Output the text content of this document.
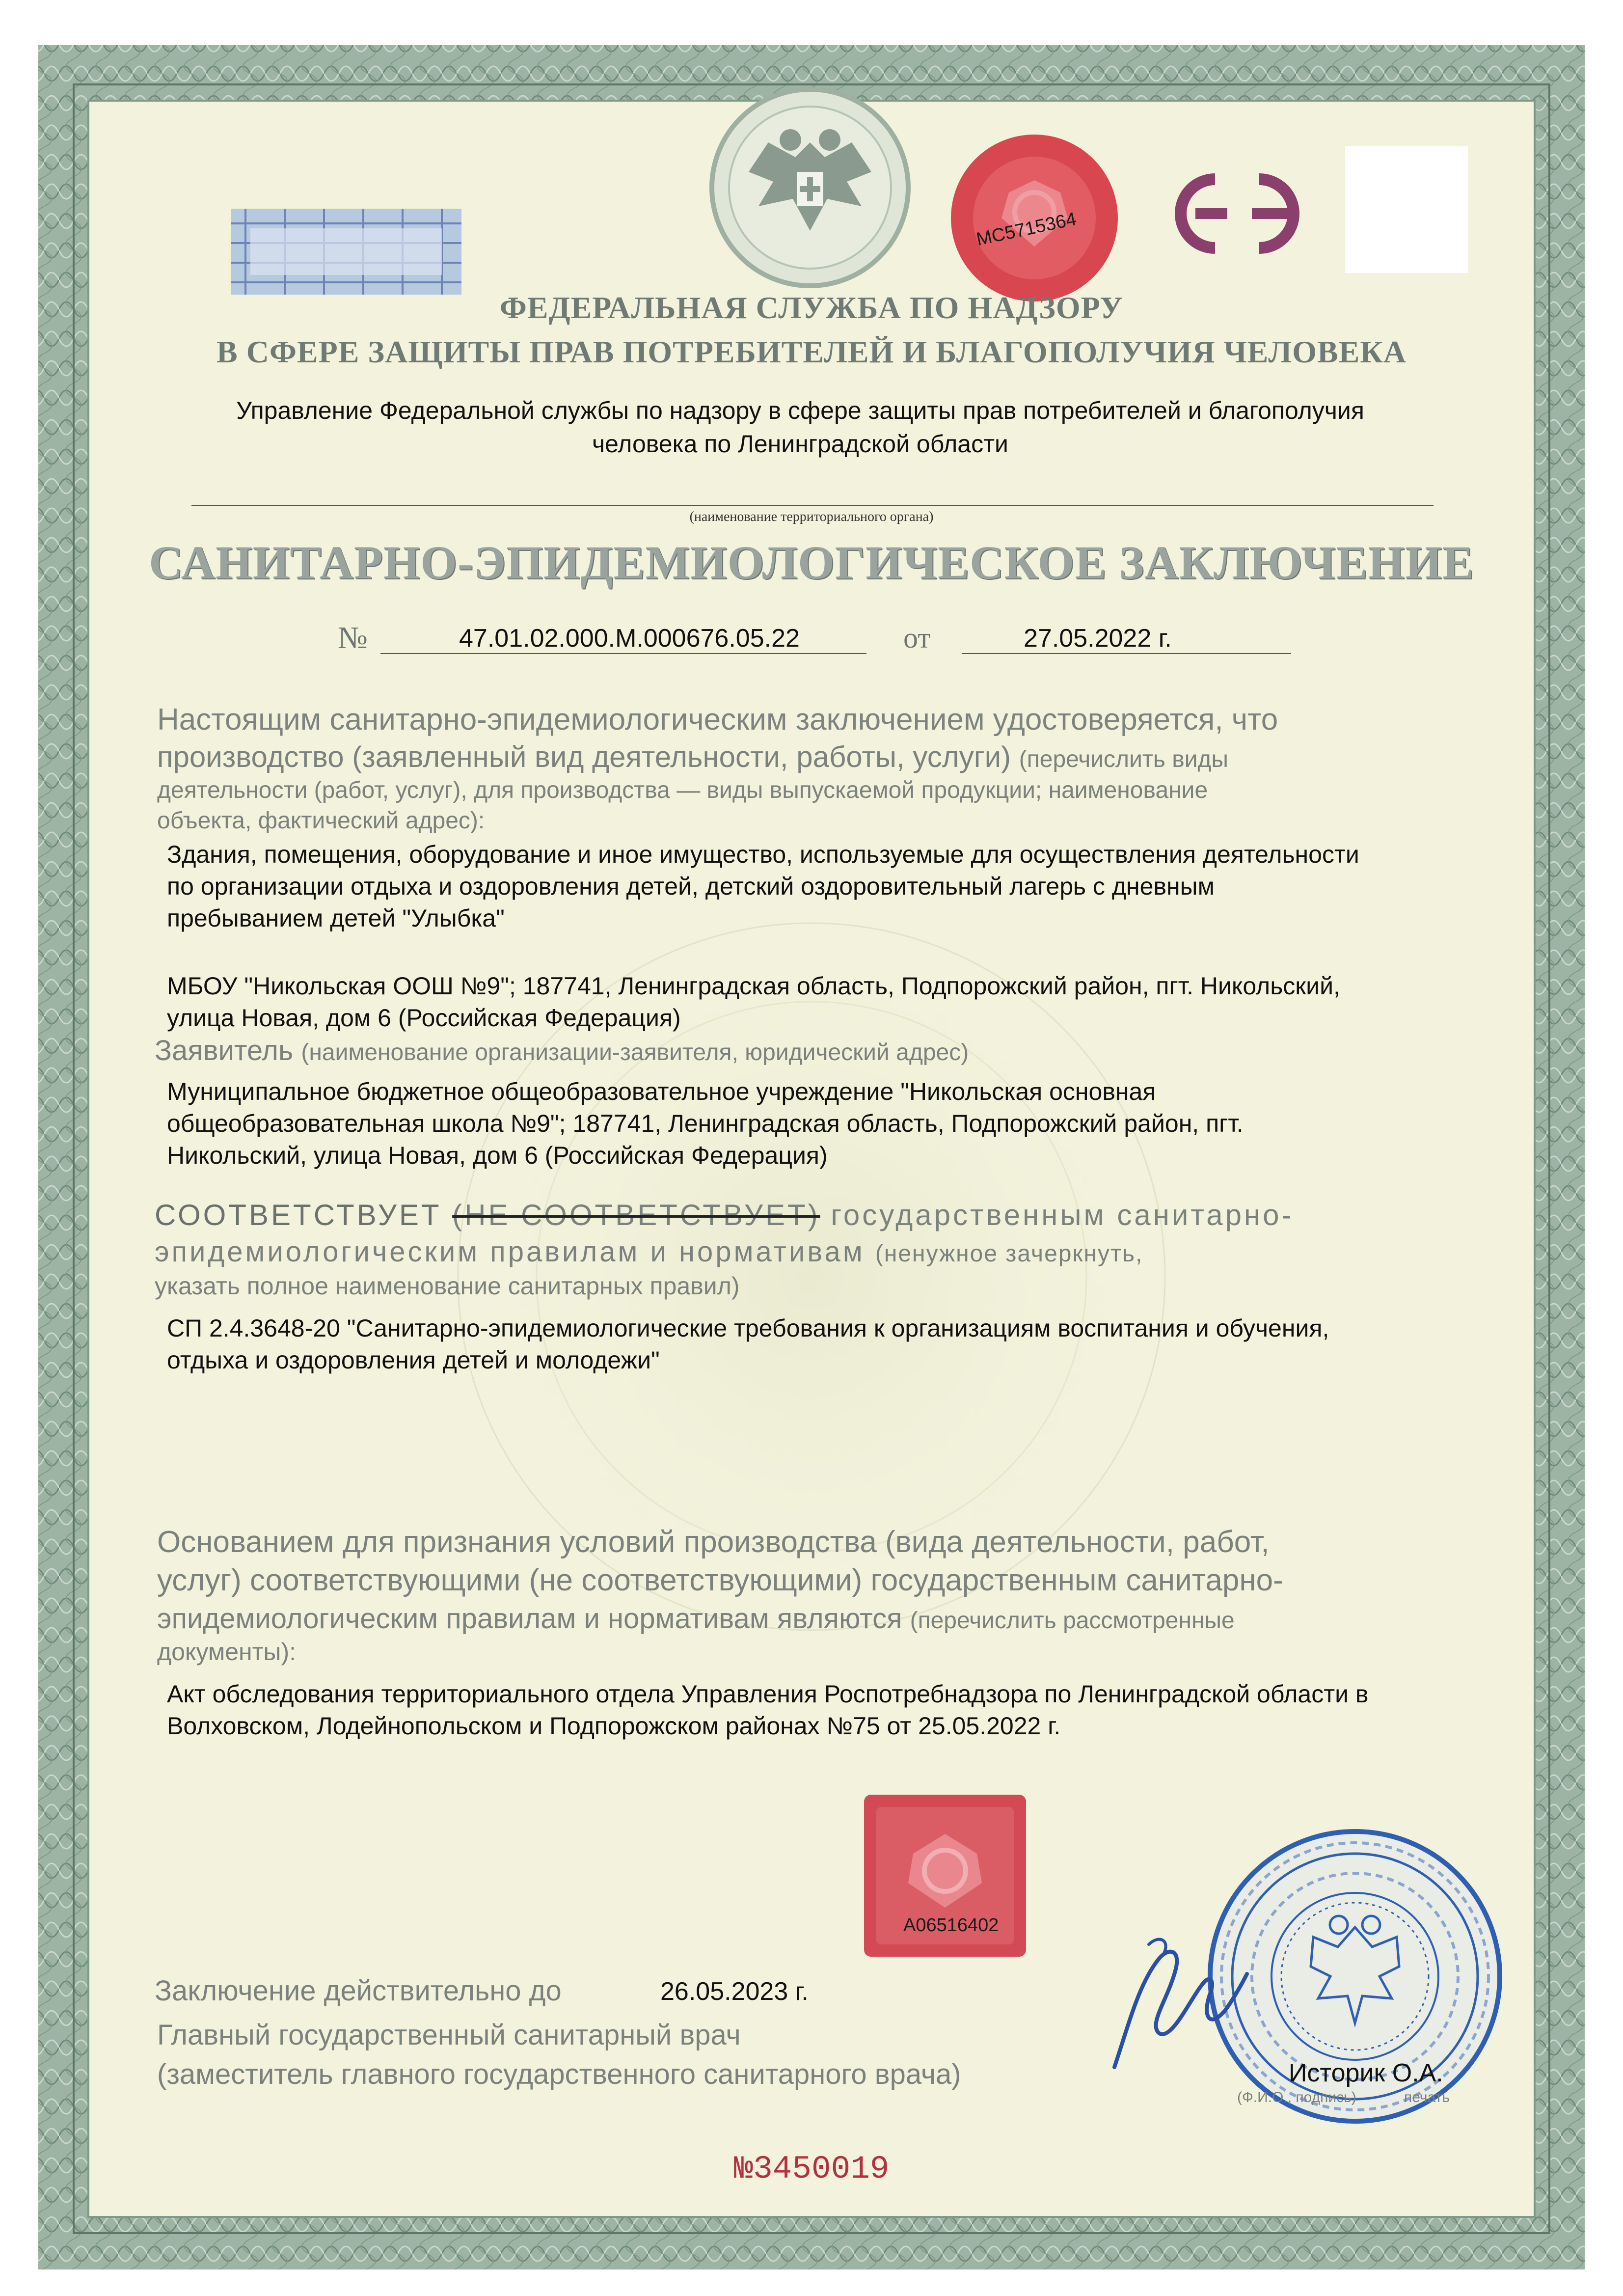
МС5715364
ФЕДЕРАЛЬНАЯ СЛУЖБА ПО НАДЗОРУ
В СФЕРЕ ЗАЩИТЫ ПРАВ ПОТРЕБИТЕЛЕЙ И БЛАГОПОЛУЧИЯ ЧЕЛОВЕКА
Управление Федеральной службы по надзору в сфере защиты прав потребителей и благополучия
человека по Ленинградской области
(наименование территориального органа)
САНИТАРНО-ЭПИДЕМИОЛОГИЧЕСКОЕ ЗАКЛЮЧЕНИЕ
№	47.01.02.000.М.000676.05.22	от	27.05.2022 г.
Настоящим санитарно-эпидемиологическим заключением удостоверяется, что
производство (заявленный вид деятельности, работы, услуги) (перечислить виды
деятельности (работ, услуг), для производства — виды выпускаемой продукции; наименование
объекта, фактический адрес):
Здания, помещения, оборудование и иное имущество, используемые для осуществления деятельности
по организации отдыха и оздоровления детей, детский оздоровительный лагерь с дневным
пребыванием детей "Улыбка"
МБОУ "Никольская ООШ №9"; 187741, Ленинградская область, Подпорожский район, пгт. Никольский,
улица Новая, дом 6 (Российская Федерация)
Заявитель (наименование организации-заявителя, юридический адрес)
Муниципальное бюджетное общеобразовательное учреждение "Никольская основная
общеобразовательная школа №9"; 187741, Ленинградская область, Подпорожский район, пгт.
Никольский, улица Новая, дом 6 (Российская Федерация)
СООТВЕТСТВУЕТ (НЕ СООТВЕТСТВУЕТ) государственным санитарно-
эпидемиологическим правилам и нормативам (ненужное зачеркнуть,
указать полное наименование санитарных правил)
СП 2.4.3648-20 "Санитарно-эпидемиологические требования к организациям воспитания и обучения,
отдыха и оздоровления детей и молодежи"
Основанием для признания условий производства (вида деятельности, работ,
услуг) соответствующими (не соответствующими) государственным санитарно-
эпидемиологическим правилам и нормативам являются (перечислить рассмотренные
документы):
Акт обследования территориального отдела Управления Роспотребнадзора по Ленинградской области в
Волховском, Лодейнопольском и Подпорожском районах №75 от 25.05.2022 г.
А06516402
Заключение действительно до	26.05.2023 г.
Главный государственный санитарный врач
(заместитель главного государственного санитарного врача)	Историк О.А.
(Ф.И.О., подпись)	печать
№3450019
